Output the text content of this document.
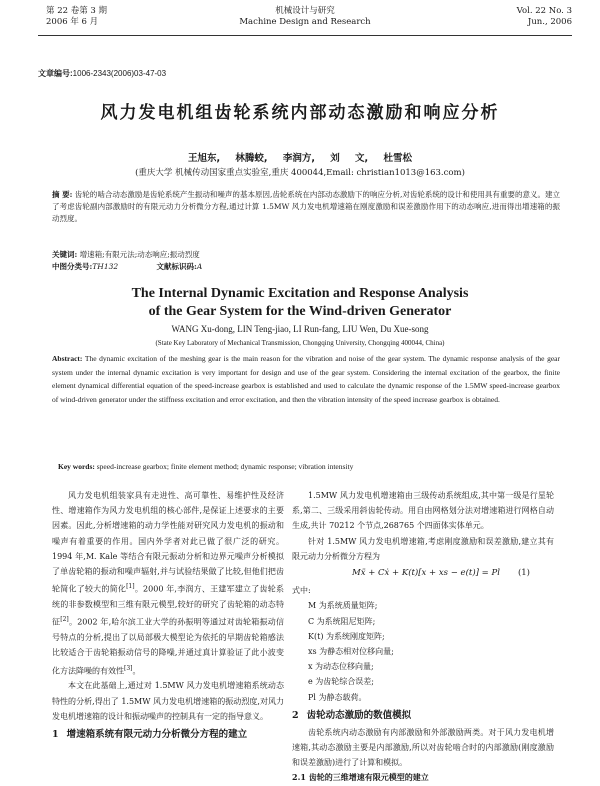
第 22 卷第 3 期
2006 年 6 月
机械设计与研究
Machine Design and Research
Vol. 22 No. 3
Jun., 2006
文章编号:1006-2343(2006)03-47-03
风力发电机组齿轮系统内部动态激励和响应分析
王旭东, 林腾蛟, 李润方, 刘 文, 杜雪松
(重庆大学 机械传动国家重点实验室,重庆 400044,Email: christian1013@163.com)
摘 要: 齿轮的啮合动态激励是齿轮系统产生振动和噪声的基本原因,齿轮系统在内部动态激励下的响应分析,对齿轮系统的设计和使用具有重要的意义。建立了考虑齿轮副内部激励时的有限元动力分析微分方程,通过计算 1.5MW 风力发电机增速箱在刚度激励和误差激励作用下的动态响应,进而得出增速箱的振动烈度。
关键词: 增速箱;有限元法;动态响应;振动烈度
中图分类号:TH132	文献标识码:A
The Internal Dynamic Excitation and Response Analysis
of the Gear System for the Wind-driven Generator
WANG Xu-dong, LIN Teng-jiao, LI Run-fang, LIU Wen, Du Xue-song
(State Key Laboratory of Mechanical Transmission, Chongqing University, Chongqing 400044, China)
Abstract: The dynamic excitation of the meshing gear is the main reason for the vibration and noise of the gear system. The dynamic response analysis of the gear system under the internal dynamic excitation is very important for design and use of the gear system. Considering the internal excitation of the gearbox, the finite element dynamical differential equation of the speed-increase gearbox is established and used to calculate the dynamic response of the 1.5MW speed-increase gearbox of wind-driven generator under the stiffness excitation and error excitation, and then the vibration intensity of the speed increase gearbox is obtained.
Key words: speed-increase gearbox; finite element method; dynamic response; vibration intensity

风力发电机组装家具有走进性、高可靠性、易维护性及经济性、增速箱作为风力发电机组的核心部件,是保证上述要求的主要因素。因此,分析增速箱的动力学性能对研究风力发电机的振动和噪声有着重要的作用。国内外学者对此已做了很广泛的研究。1994 年,M. Kale 等结合有限元振动分析和边界元噪声分析模拟了单齿轮箱的振动和噪声辐射,并与试验结果做了比较,但他们把齿轮简化了较大的简化[1]。2000 年,李润方、王建军建立了齿轮系统的非参数模型和三维有限元模型,较好的研究了齿轮箱的动态特征[2]。2002 年,哈尔滨工业大学的孙振明等通过对齿轮箱振动信号特点的分析,提出了以局部极大模型论为依托的早期齿轮箱感法比较适合于齿轮箱振动信号的降噪,并通过真计算验证了此小波变化方法降噪的有效性[3]。

本文在此基础上,通过对 1.5MW 风力发电机增速箱系统动态特性的分析,得出了 1.5MW 风力发电机增速箱的振动烈度,对风力发电机增速箱的设计和振动噪声的控制具有一定的指导意义。

1 增速箱系统有限元动力分析微分方程的建立

1.5MW 风力发电机增速箱由三级传动系统组成,其中第一级是行星轮系,第二、三级采用斜齿轮传动。用自由网格划分法对增速箱进行网格自动生成,共计 70212 个节点,268765 个四面体实体单元。

针对 1.5MW 风力发电机增速箱,考虑刚度激励和误差激励,建立其有限元动力分析微分方程为

Mẍ + Cẋ + K(t)[x + xs − e(t)] = Pl (1)
式中:

M 为系统质量矩阵;

C 为系统阻尼矩阵;

K(t) 为系统刚度矩阵;

xs 为静态相对位移向量;

x 为动态位移向量;

e 为齿轮综合误差;

Pl 为静态载荷。

2 齿轮动态激励的数值模拟

齿轮系统内动态激励有内部激励和外部激励两类。对于风力发电机增速箱,其动态激励主要是内部激励,所以对齿轮啮合时的内部激励(刚度激励和误差激励)进行了计算和模拟。

2.1 齿轮的三维增速有限元模型的建立
